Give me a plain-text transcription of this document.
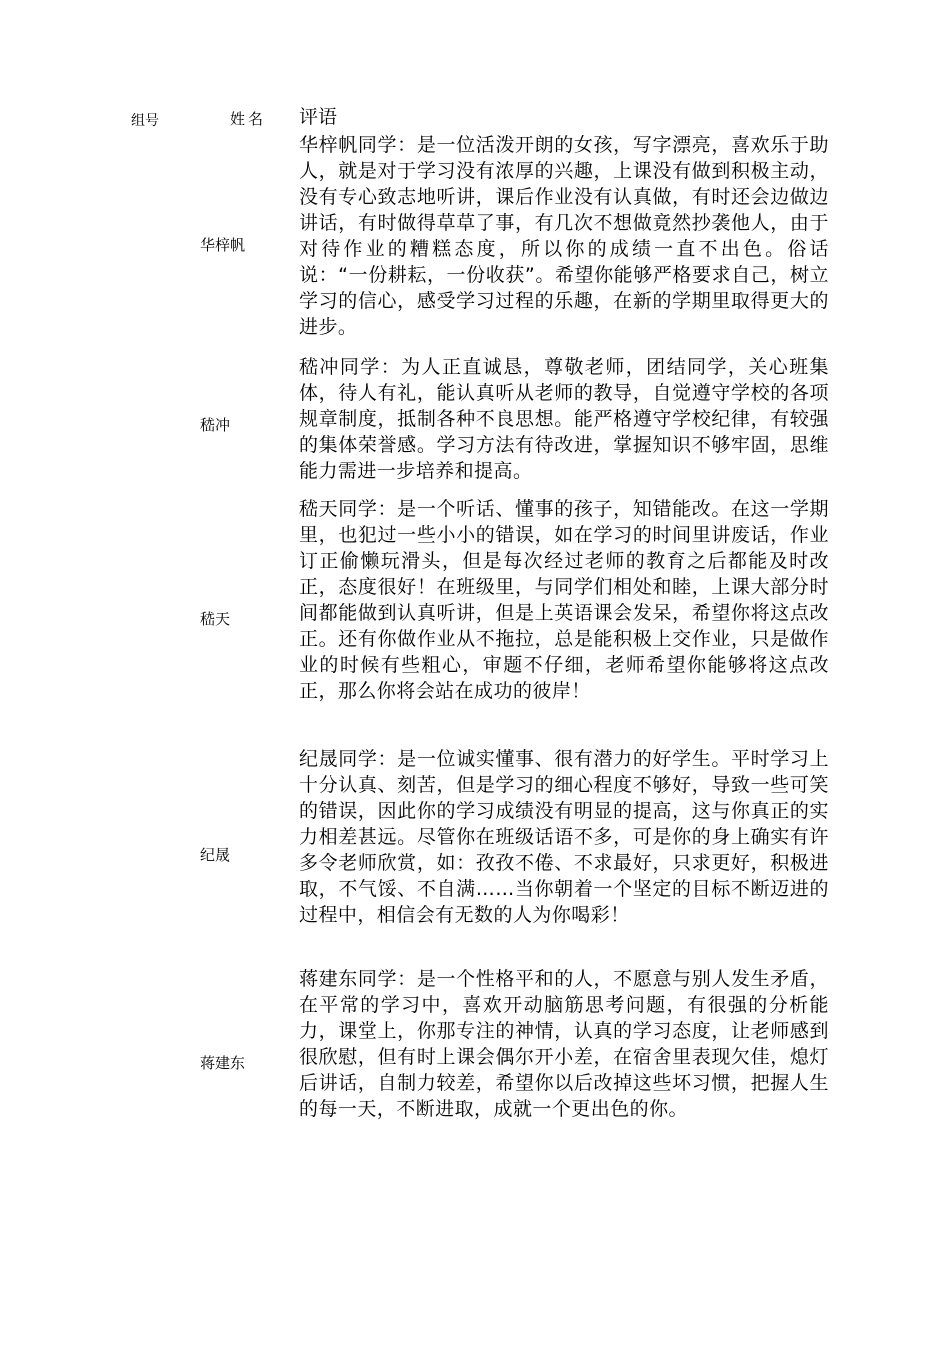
组号	姓名 评语
华梓帆
华梓帆同学：是一位活泼开朗的女孩，写字漂亮，喜欢乐于助人，就是对于学习没有浓厚的兴趣，上课没有做到积极主动，没有专心致志地听讲，课后作业没有认真做，有时还会边做边讲话，有时做得草草了事，有几次不想做竟然抄袭他人，由于对待作业的糟糕态度，所以你的成绩一直不出色。俗话说：“一份耕耘，一份收获”。希望你能够严格要求自己，树立学习的信心，感受学习过程的乐趣，在新的学期里取得更大的进步。
嵇冲
嵇冲同学：为人正直诚恳，尊敬老师，团结同学，关心班集体，待人有礼，能认真听从老师的教导，自觉遵守学校的各项规章制度，抵制各种不良思想。能严格遵守学校纪律，有较强的集体荣誉感。学习方法有待改进，掌握知识不够牢固，思维能力需进一步培养和提高。
嵇天
嵇天同学：是一个听话、懂事的孩子，知错能改。在这一学期里，也犯过一些小小的错误，如在学习的时间里讲废话，作业订正偷懒玩滑头，但是每次经过老师的教育之后都能及时改正，态度很好！在班级里，与同学们相处和睦，上课大部分时间都能做到认真听讲，但是上英语课会发呆，希望你将这点改正。还有你做作业从不拖拉，总是能积极上交作业，只是做作业的时候有些粗心，审题不仔细，老师希望你能够将这点改正，那么你将会站在成功的彼岸！
纪晟
纪晟同学：是一位诚实懂事、很有潜力的好学生。平时学习上十分认真、刻苦，但是学习的细心程度不够好，导致一些可笑的错误，因此你的学习成绩没有明显的提高，这与你真正的实力相差甚远。尽管你在班级话语不多，可是你的身上确实有许多令老师欣赏，如：孜孜不倦、不求最好，只求更好，积极进取，不气馁、不自满……当你朝着一个坚定的目标不断迈进的过程中，相信会有无数的人为你喝彩！
蒋建东
蒋建东同学：是一个性格平和的人，不愿意与别人发生矛盾，在平常的学习中，喜欢开动脑筋思考问题，有很强的分析能力，课堂上，你那专注的神情，认真的学习态度，让老师感到很欣慰，但有时上课会偶尔开小差，在宿舍里表现欠佳，熄灯后讲话，自制力较差，希望你以后改掉这些坏习惯，把握人生的每一天，不断进取，成就一个更出色的你。
